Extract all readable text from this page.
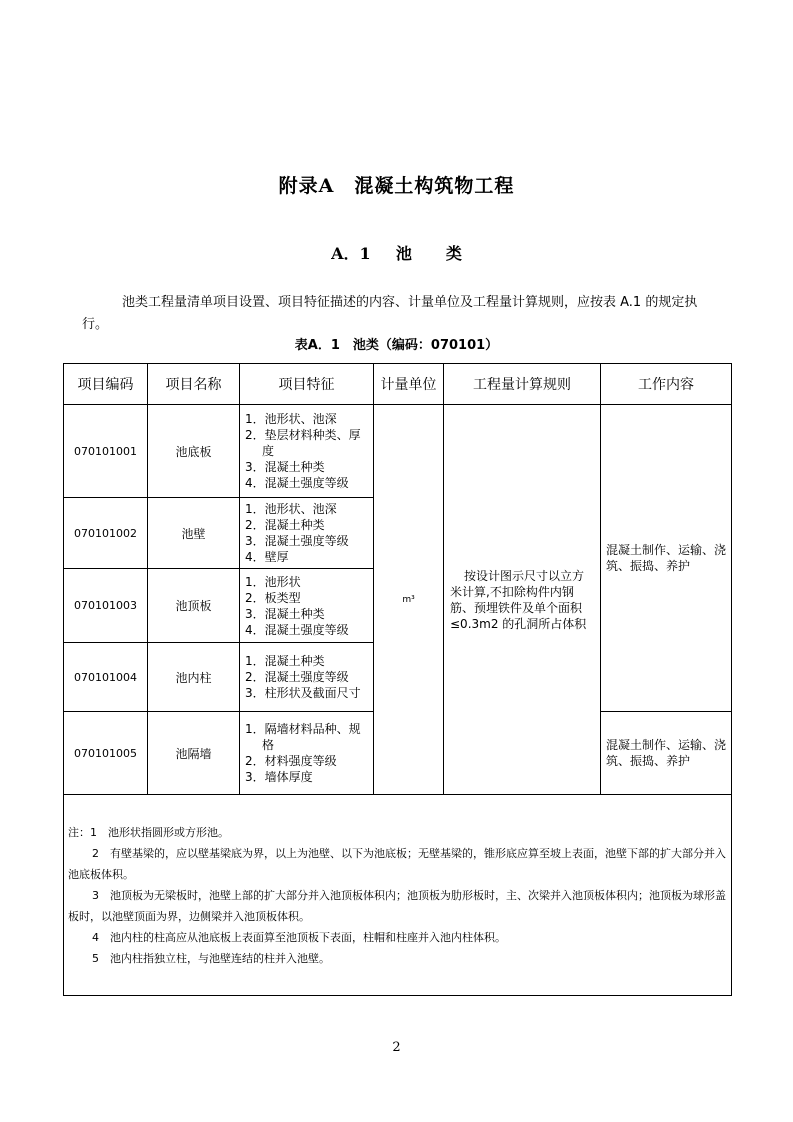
附录A　混凝土构筑物工程
A．1 池 类
池类工程量清单项目设置、项目特征描述的内容、计量单位及工程量计算规则，应按表 A.1 的规定执行。
表A．1　池类（编码：070101）
项目编码	项目名称	项目特征	计量单位	工程量计算规则	工作内容
070101001	池底板	1．池形状、池深
2．垫层材料种类、厚度
3．混凝土种类
4．混凝土强度等级	m³	按设计图示尺寸以立方米计算,不扣除构件内钢筋、预埋铁件及单个面积≤0.3m2 的孔洞所占体积	混凝土制作、运输、浇筑、振捣、养护
070101002	池壁	1．池形状、池深
2．混凝土种类
3．混凝土强度等级
4．壁厚			

070101003	池顶板	1．池形状
2．板类型
3．混凝土种类
4．混凝土强度等级			

070101004	池内柱	1．混凝土种类
2．混凝土强度等级
3．柱形状及截面尺寸			

070101005	池隔墙	1．隔墙材料品种、规格
2．材料强度等级
3．墙体厚度			混凝土制作、运输、浇筑、振捣、养护

注：1　池形状指圆形或方形池。

2　有壁基梁的，应以壁基梁底为界，以上为池壁、以下为池底板；无壁基梁的，锥形底应算至坡上表面，池壁下部的扩大部分并入池底板体积。

3　池顶板为无梁板时，池壁上部的扩大部分并入池顶板体积内；池顶板为肋形板时，主、次梁并入池顶板体积内；池顶板为球形盖板时，以池壁顶面为界，边侧梁并入池顶板体积。

4　池内柱的柱高应从池底板上表面算至池顶板下表面，柱帽和柱座并入池内柱体积。

5　池内柱指独立柱，与池壁连结的柱并入池壁。					

2
